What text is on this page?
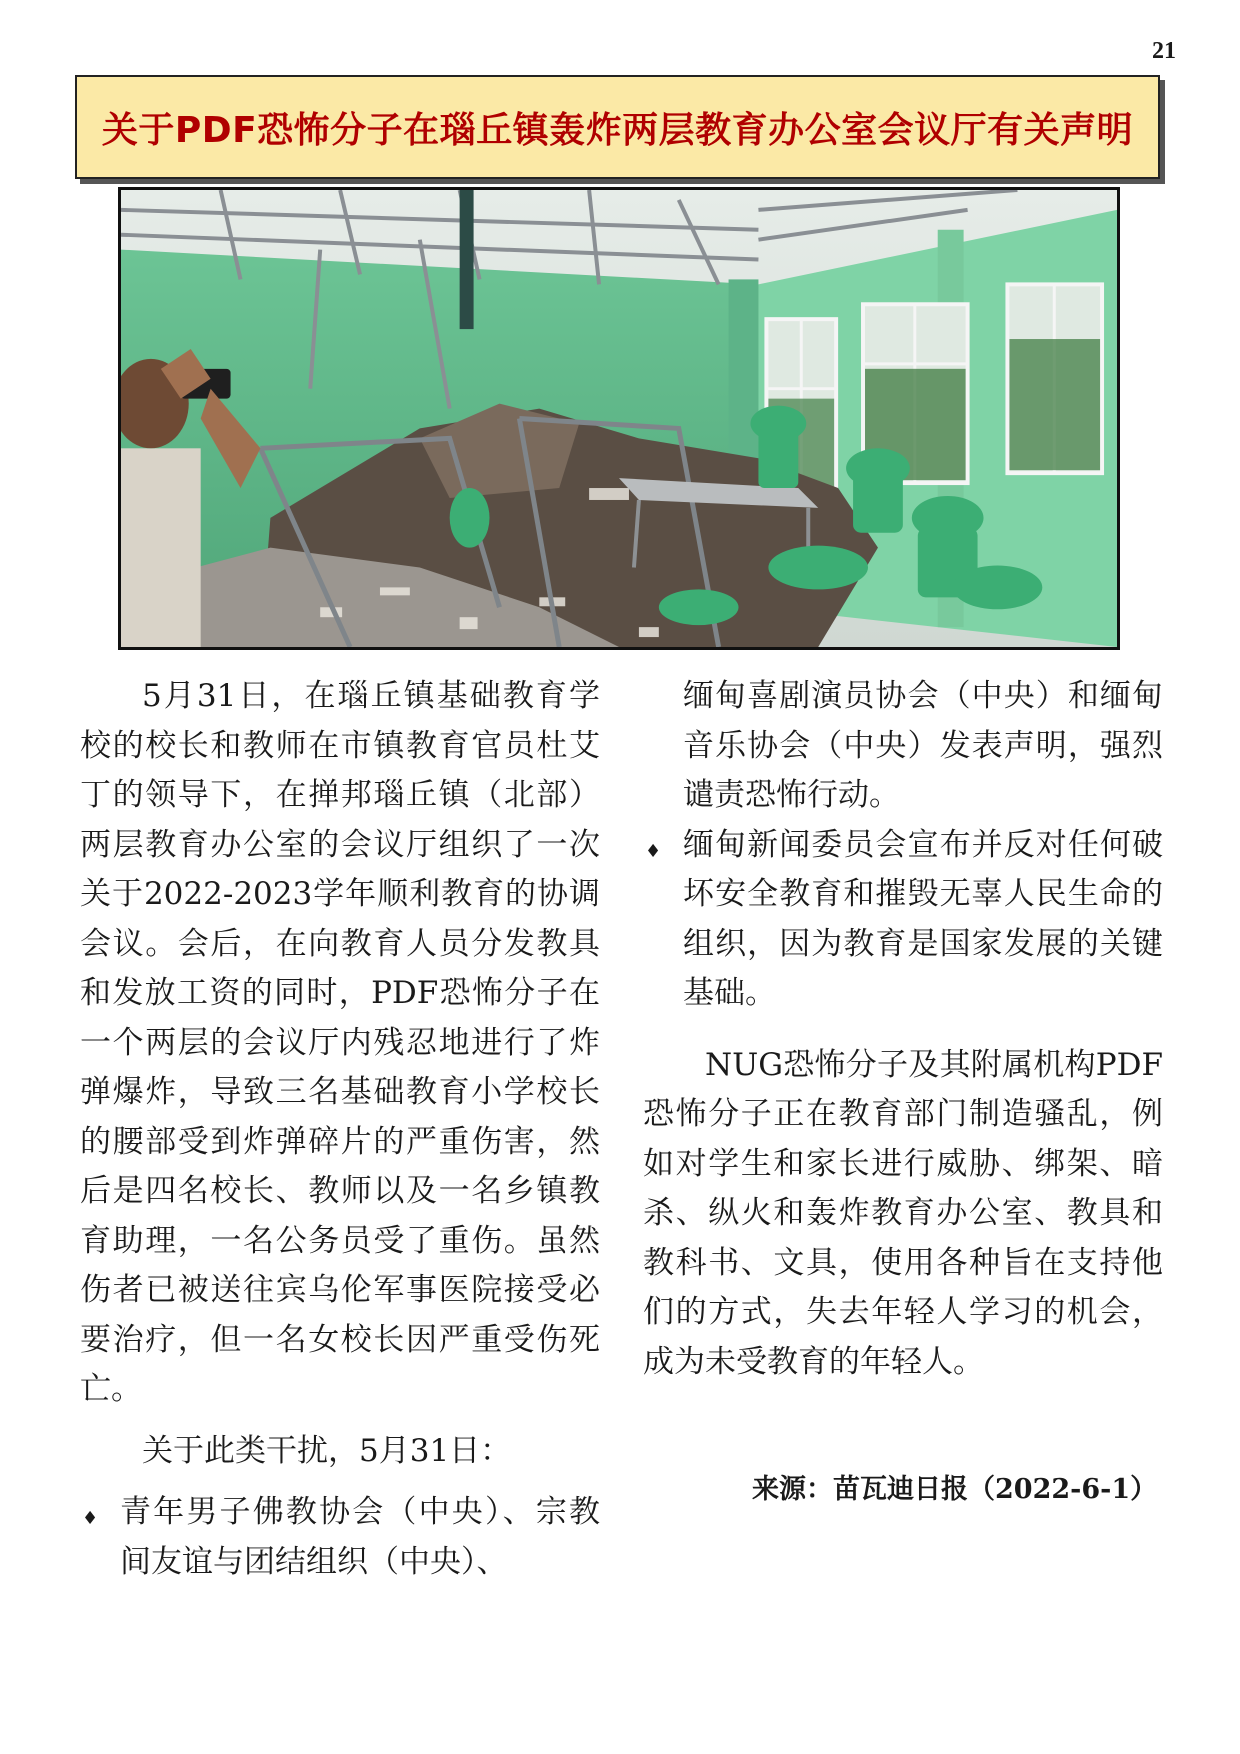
21
关于PDF恐怖分子在瑙丘镇轰炸两层教育办公室会议厅有关声明

5月31日，在瑙丘镇基础教育学校的校长和教师在市镇教育官员杜艾丁的领导下，在掸邦瑙丘镇（北部）两层教育办公室的会议厅组织了一次关于2022-2023学年顺利教育的协调会议。会后，在向教育人员分发教具和发放工资的同时，PDF恐怖分子在一个两层的会议厅内残忍地进行了炸弹爆炸，导致三名基础教育小学校长的腰部受到炸弹碎片的严重伤害，然后是四名校长、教师以及一名乡镇教育助理，一名公务员受了重伤。虽然伤者已被送往宾乌伦军事医院接受必要治疗，但一名女校长因严重受伤死亡。

关于此类干扰，5月31日：

♦ 青年男子佛教协会（中央）、宗教间友谊与团结组织（中央）、

缅甸喜剧演员协会（中央）和缅甸音乐协会（中央）发表声明，强烈谴责恐怖行动。

♦ 缅甸新闻委员会宣布并反对任何破坏安全教育和摧毁无辜人民生命的组织，因为教育是国家发展的关键基础。

NUG恐怖分子及其附属机构PDF恐怖分子正在教育部门制造骚乱，例如对学生和家长进行威胁、绑架、暗杀、纵火和轰炸教育办公室、教具和教科书、文具，使用各种旨在支持他们的方式，失去年轻人学习的机会，成为未受教育的年轻人。

来源：苗瓦迪日报（2022-6-1）
